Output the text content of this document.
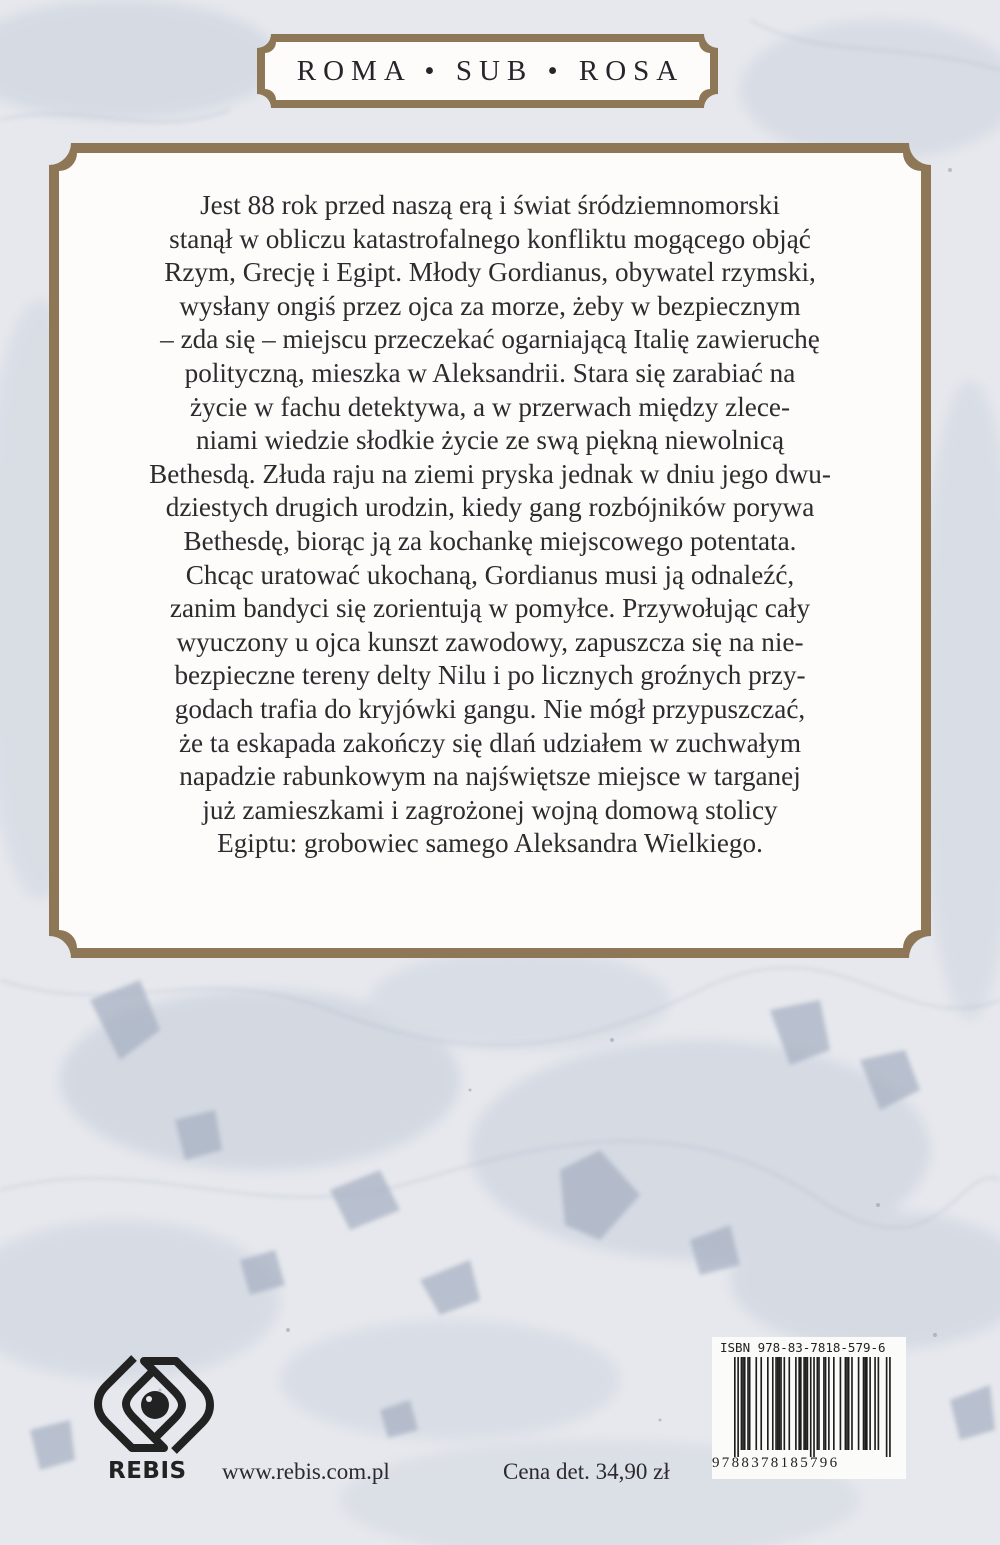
ROMA • SUB • ROSA

Jest 88 rok przed naszą erą i świat śródziemnomorski
stanął w obliczu katastrofalnego konfliktu mogącego objąć
Rzym, Grecję i Egipt. Młody Gordianus, obywatel rzymski,
wysłany ongiś przez ojca za morze, żeby w bezpiecznym
– zda się – miejscu przeczekać ogarniającą Italię zawieruchę
polityczną, mieszka w Aleksandrii. Stara się zarabiać na
życie w fachu detektywa, a w przerwach między zlece-
niami wiedzie słodkie życie ze swą piękną niewolnicą
Bethesdą. Złuda raju na ziemi pryska jednak w dniu jego dwu-
dziestych drugich urodzin, kiedy gang rozbójników porywa
Bethesdę, biorąc ją za kochankę miejscowego potentata.
Chcąc uratować ukochaną, Gordianus musi ją odnaleźć,
zanim bandyci się zorientują w pomyłce. Przywołując cały
wyuczony u ojca kunszt zawodowy, zapuszcza się na nie-
bezpieczne tereny delty Nilu i po licznych groźnych przy-
godach trafia do kryjówki gangu. Nie mógł przypuszczać,
że ta eskapada zakończy się dlań udziałem w zuchwałym
napadzie rabunkowym na najświętsze miejsce w targanej
już zamieszkami i zagrożonej wojną domową stolicy
Egiptu: grobowiec samego Aleksandra Wielkiego.

REBIS www.rebis.com.pl	Cena det. 34,90 zł
ISBN 978-83-7818-579-6
9788378185796
